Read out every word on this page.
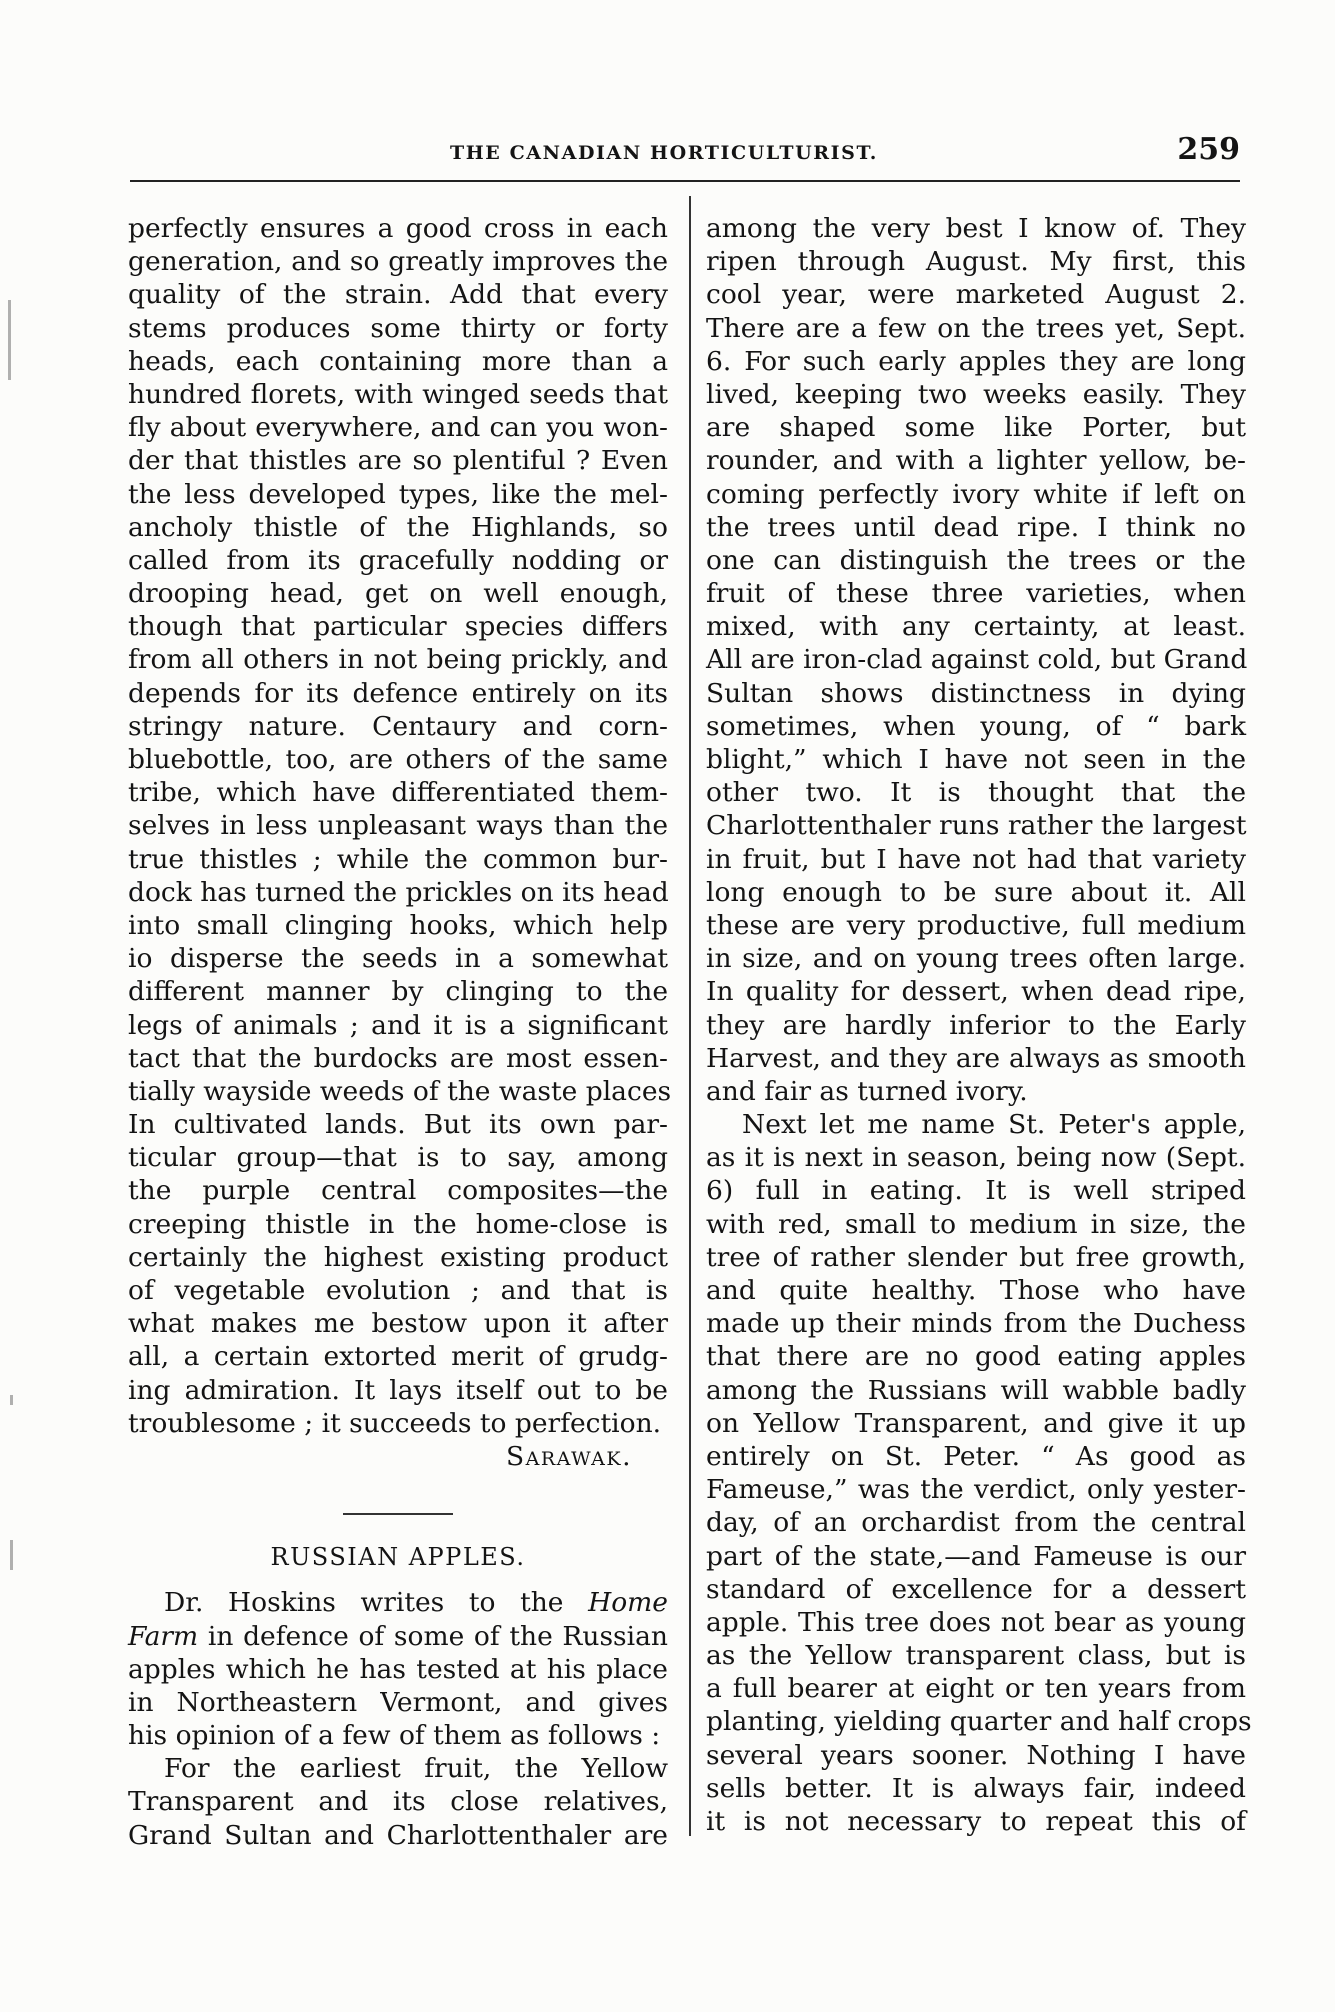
THE CANADIAN HORTICULTURIST.	259
perfectly ensures a good cross in each
generation, and so greatly improves the
quality of the strain. Add that every
stems produces some thirty or forty
heads, each containing more than a
hundred florets, with winged seeds that
fly about everywhere, and can you won-
der that thistles are so plentiful ? Even
the less developed types, like the mel-
ancholy thistle of the Highlands, so
called from its gracefully nodding or
drooping head, get on well enough,
though that particular species differs
from all others in not being prickly, and
depends for its defence entirely on its
stringy nature. Centaury and corn-
bluebottle, too, are others of the same
tribe, which have differentiated them-
selves in less unpleasant ways than the
true thistles ; while the common bur-
dock has turned the prickles on its head
into small clinging hooks, which help
io disperse the seeds in a somewhat
different manner by clinging to the
legs of animals ; and it is a significant
tact that the burdocks are most essen-
tially wayside weeds of the waste places
In cultivated lands. But its own par-
ticular group—that is to say, among
the purple central composites—the
creeping thistle in the home-close is
certainly the highest existing product
of vegetable evolution ; and that is
what makes me bestow upon it after
all, a certain extorted merit of grudg-
ing admiration. It lays itself out to be
troublesome ; it succeeds to perfection.
Sarawak.
RUSSIAN APPLES.
Dr. Hoskins writes to the Home
Farm in defence of some of the Russian
apples which he has tested at his place
in Northeastern Vermont, and gives
his opinion of a few of them as follows :
For the earliest fruit, the Yellow
Transparent and its close relatives,
Grand Sultan and Charlottenthaler are
among the very best I know of. They
ripen through August. My first, this
cool year, were marketed August 2.
There are a few on the trees yet, Sept.
6. For such early apples they are long
lived, keeping two weeks easily. They
are shaped some like Porter, but
rounder, and with a lighter yellow, be-
coming perfectly ivory white if left on
the trees until dead ripe. I think no
one can distinguish the trees or the
fruit of these three varieties, when
mixed, with any certainty, at least.
All are iron-clad against cold, but Grand
Sultan shows distinctness in dying
sometimes, when young, of “ bark
blight,” which I have not seen in the
other two. It is thought that the
Charlottenthaler runs rather the largest
in fruit, but I have not had that variety
long enough to be sure about it. All
these are very productive, full medium
in size, and on young trees often large.
In quality for dessert, when dead ripe,
they are hardly inferior to the Early
Harvest, and they are always as smooth
and fair as turned ivory.
Next let me name St. Peter's apple,
as it is next in season, being now (Sept.
6) full in eating. It is well striped
with red, small to medium in size, the
tree of rather slender but free growth,
and quite healthy. Those who have
made up their minds from the Duchess
that there are no good eating apples
among the Russians will wabble badly
on Yellow Transparent, and give it up
entirely on St. Peter. “ As good as
Fameuse,” was the verdict, only yester-
day, of an orchardist from the central
part of the state,—and Fameuse is our
standard of excellence for a dessert
apple. This tree does not bear as young
as the Yellow transparent class, but is
a full bearer at eight or ten years from
planting, yielding quarter and half crops
several years sooner. Nothing I have
sells better. It is always fair, indeed
it is not necessary to repeat this of
